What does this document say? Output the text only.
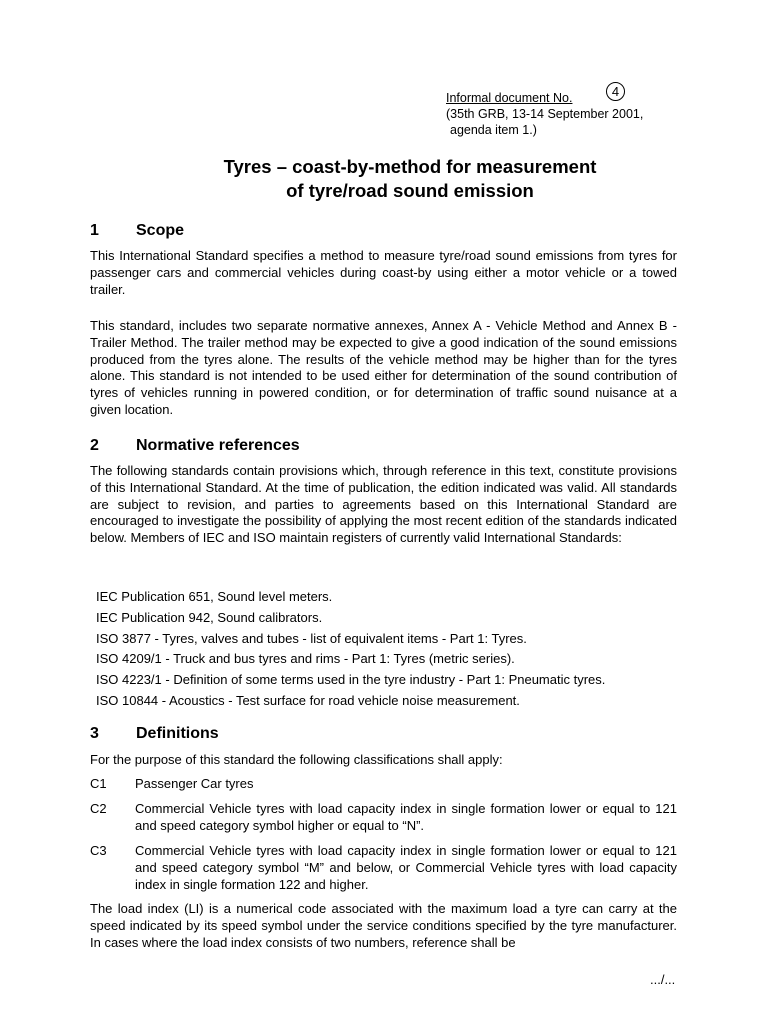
Informal document No.	4
(35th GRB, 13-14 September 2001,
agenda item 1.)
Tyres – coast-by-method for measurement
of tyre/road sound emission
1 Scope
This International Standard specifies a method to measure tyre/road sound emissions from tyres for passenger cars and commercial vehicles during coast-by using either a motor vehicle or a towed trailer.
This standard, includes two separate normative annexes, Annex A - Vehicle Method and Annex B - Trailer Method. The trailer method may be expected to give a good indication of the sound emissions produced from the tyres alone. The results of the vehicle method may be higher than for the tyres alone. This standard is not intended to be used either for determination of the sound contribution of tyres of vehicles running in powered condition, or for determination of traffic sound nuisance at a given location.
2 Normative references
The following standards contain provisions which, through reference in this text, constitute provisions of this International Standard. At the time of publication, the edition indicated was valid. All standards are subject to revision, and parties to agreements based on this International Standard are encouraged to investigate the possibility of applying the most recent edition of the standards indicated below. Members of IEC and ISO maintain registers of currently valid International Standards:
IEC Publication 651, Sound level meters.
IEC Publication 942, Sound calibrators.
ISO 3877 - Tyres, valves and tubes - list of equivalent items - Part 1: Tyres.
ISO 4209/1 - Truck and bus tyres and rims - Part 1: Tyres (metric series).
ISO 4223/1 - Definition of some terms used in the tyre industry - Part 1: Pneumatic tyres.
ISO 10844 - Acoustics - Test surface for road vehicle noise measurement.
3 Definitions
For the purpose of this standard the following classifications shall apply:
C1 Passenger Car tyres
C2 Commercial Vehicle tyres with load capacity index in single formation lower or equal to 121 and speed category symbol higher or equal to “N”.
C3 Commercial Vehicle tyres with load capacity index in single formation lower or equal to 121 and speed category symbol “M” and below, or Commercial Vehicle tyres with load capacity index in single formation 122 and higher.
The load index (LI) is a numerical code associated with the maximum load a tyre can carry at the speed indicated by its speed symbol under the service conditions specified by the tyre manufacturer. In cases where the load index consists of two numbers, reference shall be
.../...
